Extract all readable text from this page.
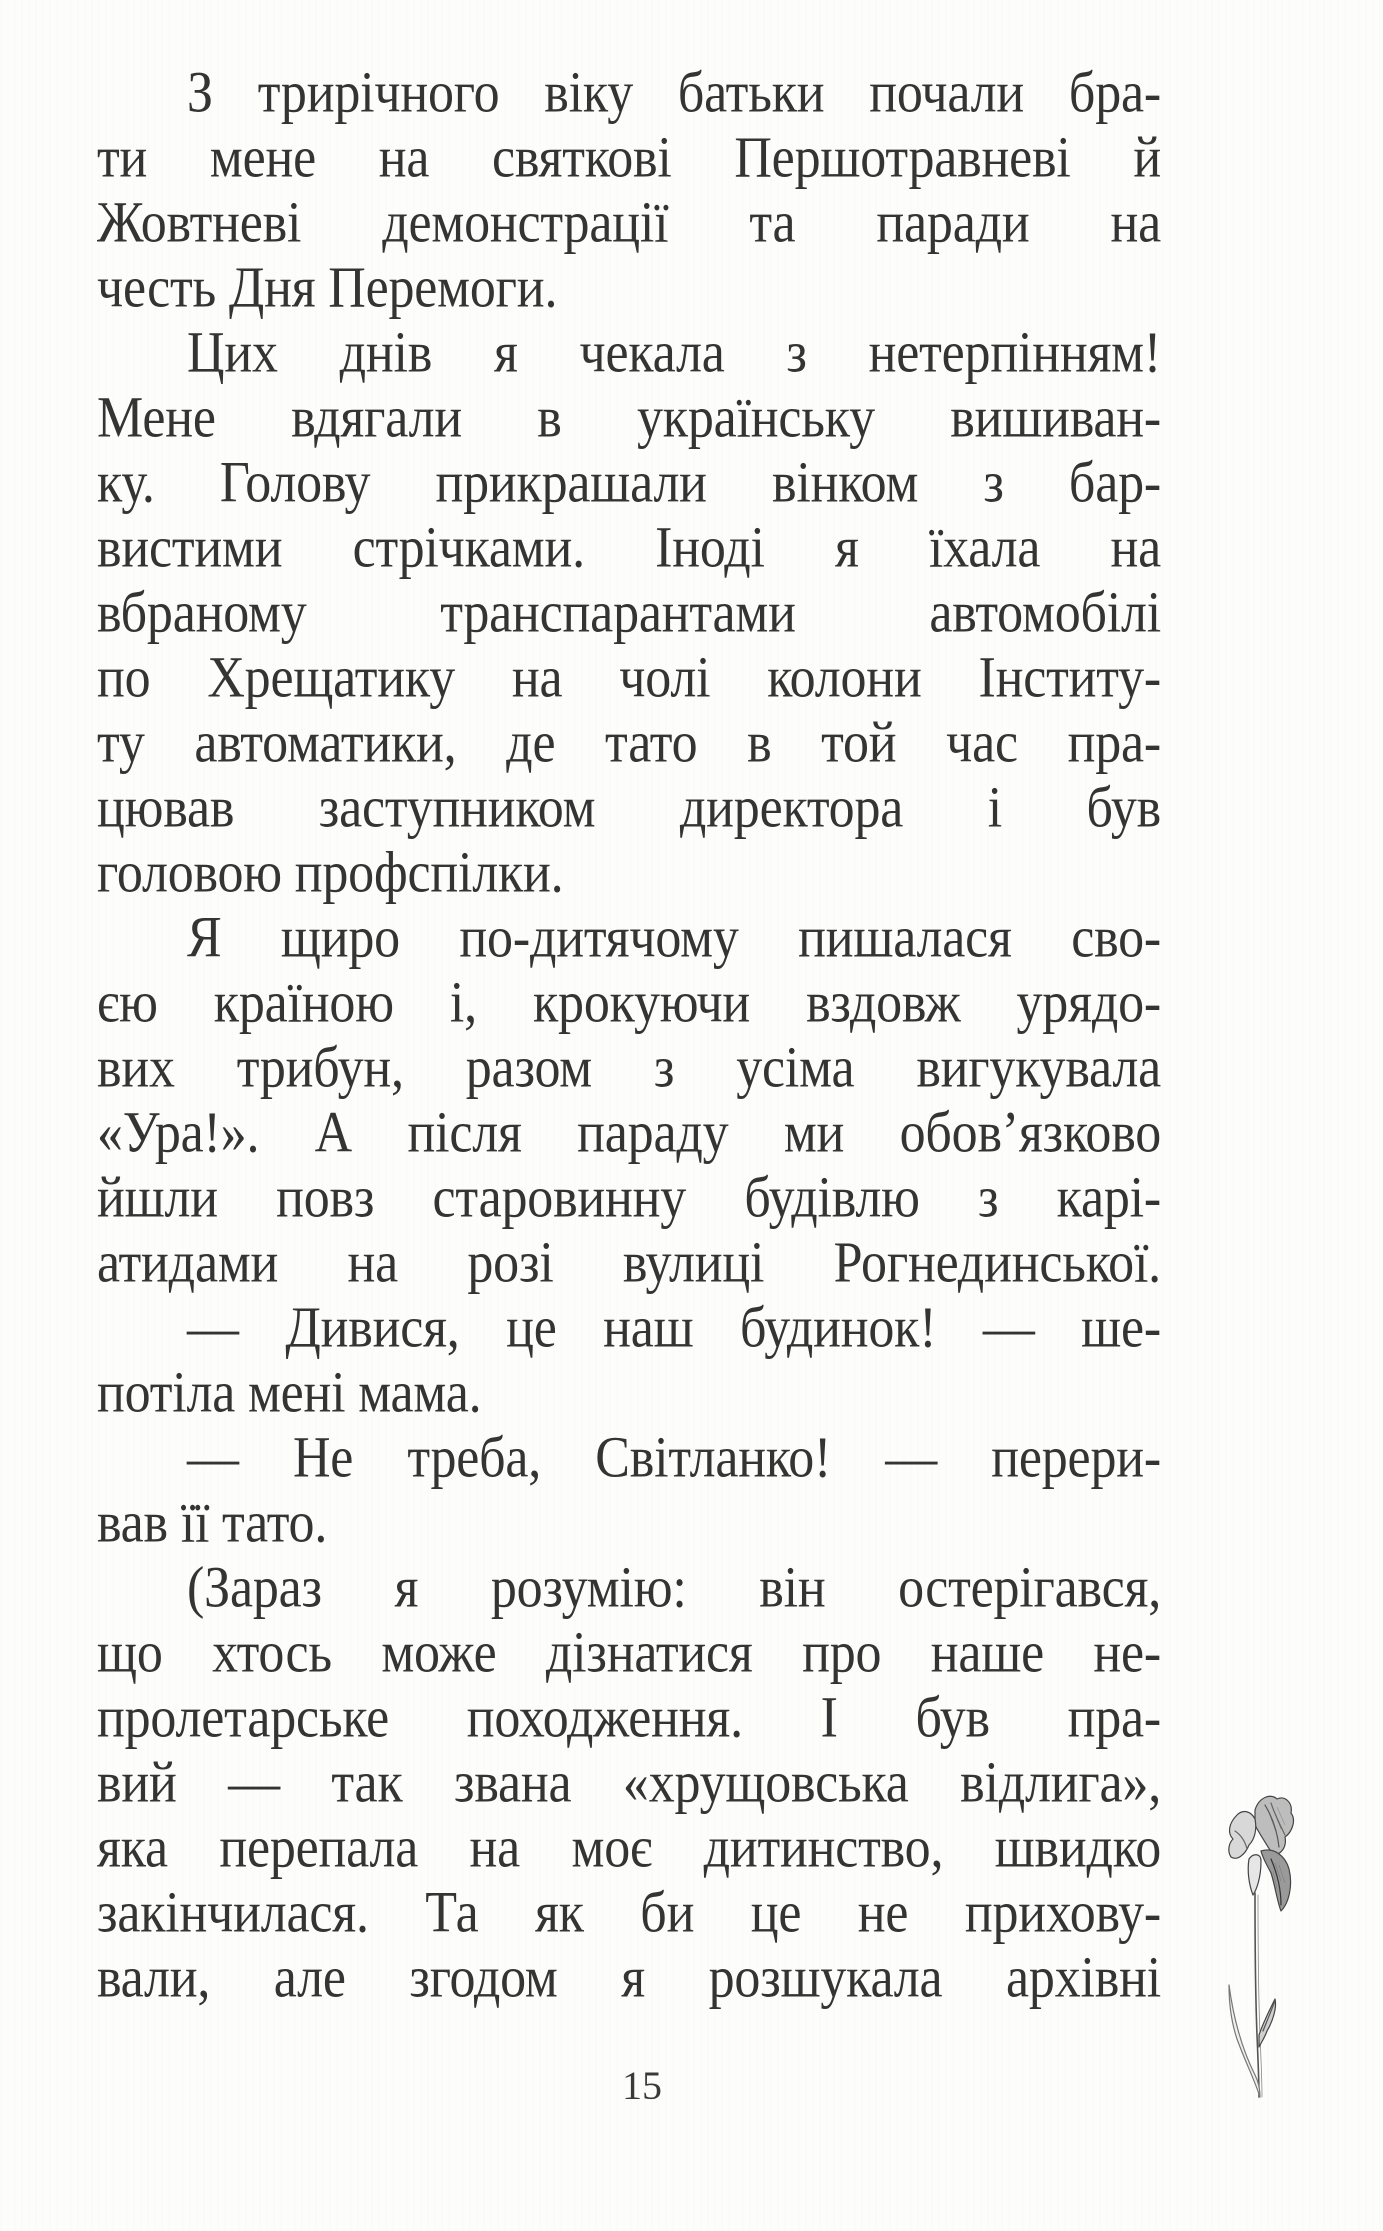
З трирічного віку батьки почали бра-
ти мене на святкові Першотравневі й
Жовтневі демонстрації та паради на
честь Дня Перемоги.
Цих днів я чекала з нетерпінням!
Мене вдягали в українську вишиван-
ку. Голову прикрашали вінком з бар-
вистими стрічками. Іноді я їхала на
вбраному транспарантами автомобілі
по Хрещатику на чолі колони Інститу-
ту автоматики, де тато в той час пра-
цював заступником директора і був
головою профспілки.
Я щиро по-дитячому пишалася сво-
єю країною і, крокуючи вздовж урядо-
вих трибун, разом з усіма вигукувала
«Ура!». А після параду ми обов’язково
йшли повз старовинну будівлю з карі-
атидами на розі вулиці Рогнединської.
— Дивися, це наш будинок! — ше-
потіла мені мама.
— Не треба, Світланко! — перери-
вав її тато.
(Зараз я розумію: він остерігався,
що хтось може дізнатися про наше не-
пролетарське походження. І був пра-
вий — так звана «хрущовська відлига»,
яка перепала на моє дитинство, швидко
закінчилася. Та як би це не прихову-
вали, але згодом я розшукала архівні
15
